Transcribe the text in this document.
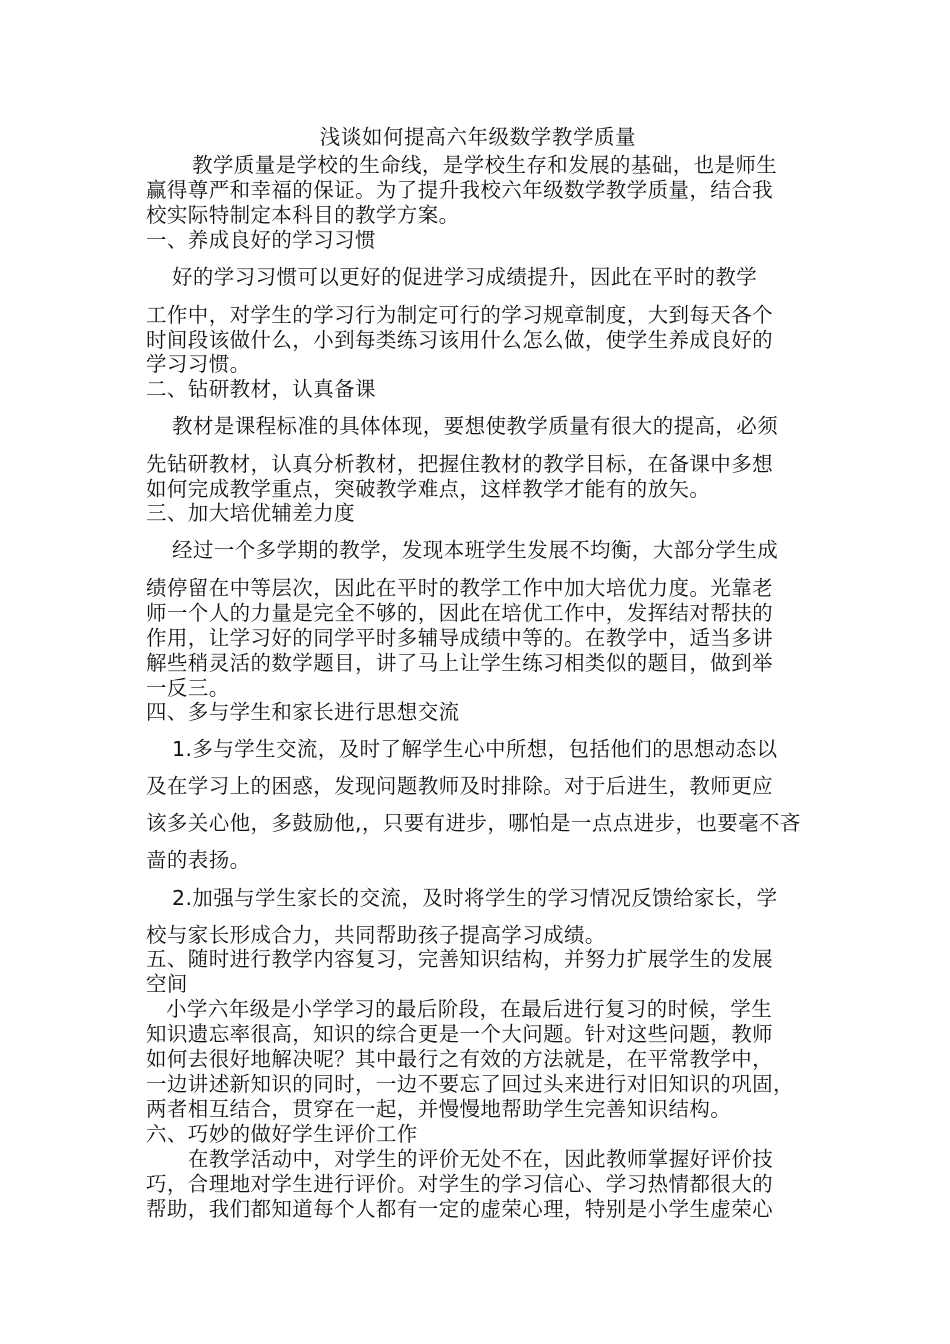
浅谈如何提高六年级数学教学质量
教学质量是学校的生命线，是学校生存和发展的基础，也是师生
赢得尊严和幸福的保证。为了提升我校六年级数学教学质量，结合我
校实际特制定本科目的教学方案。
一、养成良好的学习习惯
好的学习习惯可以更好的促进学习成绩提升，因此在平时的教学
工作中，对学生的学习行为制定可行的学习规章制度，大到每天各个
时间段该做什么，小到每类练习该用什么怎么做，使学生养成良好的
学习习惯。
二、钻研教材，认真备课
教材是课程标准的具体体现，要想使教学质量有很大的提高，必须
先钻研教材，认真分析教材，把握住教材的教学目标，在备课中多想
如何完成教学重点，突破教学难点，这样教学才能有的放矢。
三、加大培优辅差力度
经过一个多学期的教学，发现本班学生发展不均衡，大部分学生成
绩停留在中等层次，因此在平时的教学工作中加大培优力度。光靠老
师一个人的力量是完全不够的，因此在培优工作中，发挥结对帮扶的
作用，让学习好的同学平时多辅导成绩中等的。在教学中，适当多讲
解些稍灵活的数学题目，讲了马上让学生练习相类似的题目，做到举
一反三。
四、多与学生和家长进行思想交流
1.多与学生交流，及时了解学生心中所想，包括他们的思想动态以
及在学习上的困惑，发现问题教师及时排除。对于后进生，教师更应
该多关心他，多鼓励他,，只要有进步，哪怕是一点点进步，也要毫不吝
啬的表扬。
2.加强与学生家长的交流，及时将学生的学习情况反馈给家长，学
校与家长形成合力，共同帮助孩子提高学习成绩。
五、随时进行教学内容复习，完善知识结构，并努力扩展学生的发展
空间
小学六年级是小学学习的最后阶段，在最后进行复习的时候，学生
知识遗忘率很高，知识的综合更是一个大问题。针对这些问题，教师
如何去很好地解决呢？其中最行之有效的方法就是，在平常教学中，
一边讲述新知识的同时，一边不要忘了回过头来进行对旧知识的巩固，
两者相互结合，贯穿在一起，并慢慢地帮助学生完善知识结构。
六、巧妙的做好学生评价工作
在教学活动中，对学生的评价无处不在，因此教师掌握好评价技
巧，合理地对学生进行评价。对学生的学习信心、学习热情都很大的
帮助，我们都知道每个人都有一定的虚荣心理，特别是小学生虚荣心
